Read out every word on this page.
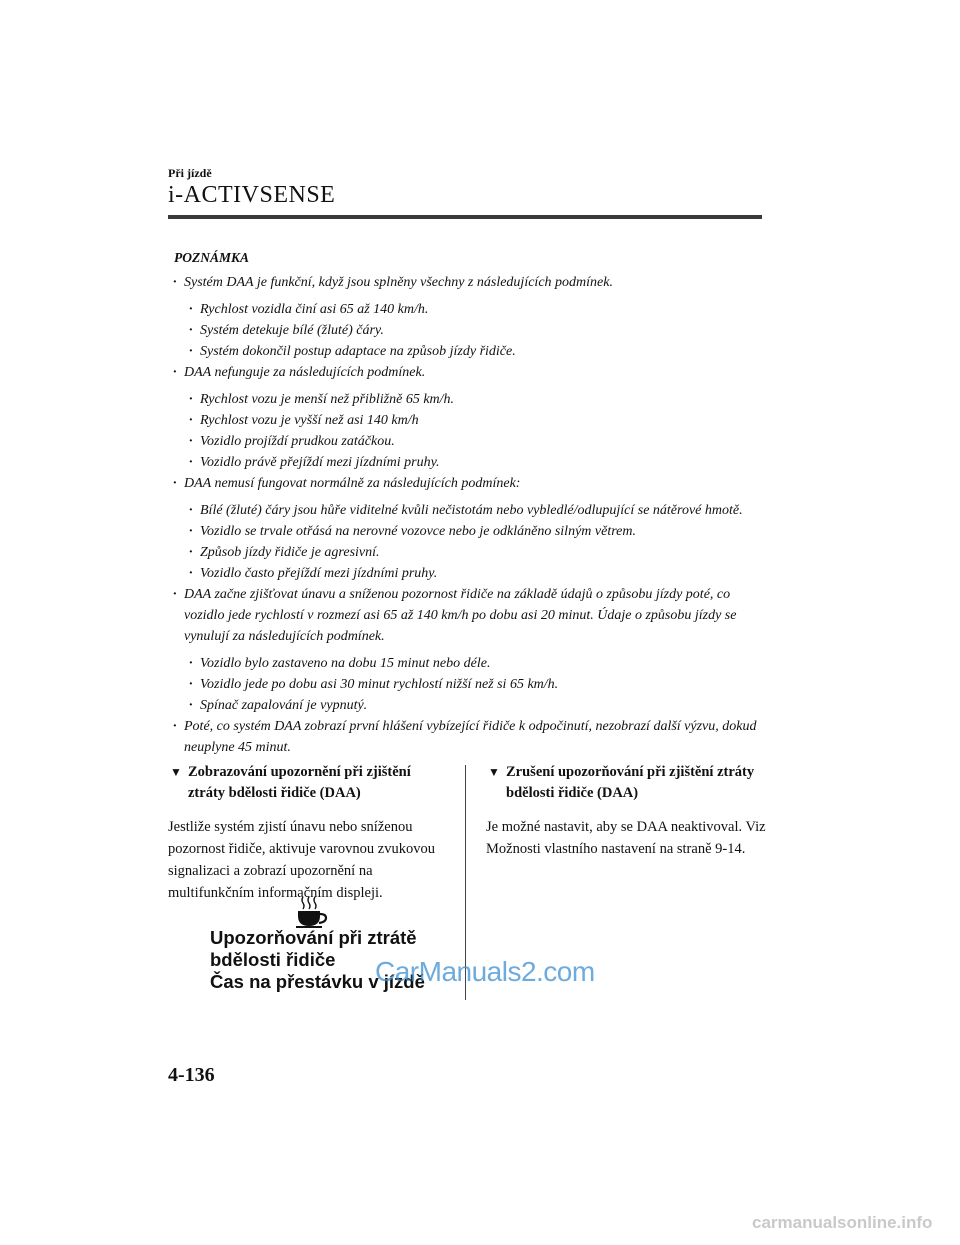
Při jízdě
i-ACTIVSENSE
POZNÁMKA
· Systém DAA je funkční, když jsou splněny všechny z následujících podmínek.
· Rychlost vozidla činí asi 65 až 140 km/h.
· Systém detekuje bílé (žluté) čáry.
· Systém dokončil postup adaptace na způsob jízdy řidiče.
· DAA nefunguje za následujících podmínek.
· Rychlost vozu je menší než přibližně 65 km/h.
· Rychlost vozu je vyšší než asi 140 km/h
· Vozidlo projíždí prudkou zatáčkou.
· Vozidlo právě přejíždí mezi jízdními pruhy.
· DAA nemusí fungovat normálně za následujících podmínek:
· Bílé (žluté) čáry jsou hůře viditelné kvůli nečistotám nebo vybledlé/odlupující se nátěrové hmotě.
· Vozidlo se trvale otřásá na nerovné vozovce nebo je odkláněno silným větrem.
· Způsob jízdy řidiče je agresivní.
· Vozidlo často přejíždí mezi jízdními pruhy.
· DAA začne zjišťovat únavu a sníženou pozornost řidiče na základě údajů o způsobu jízdy poté, co vozidlo jede rychlostí v rozmezí asi 65 až 140 km/h po dobu asi 20 minut. Údaje o způsobu jízdy se vynulují za následujících podmínek.
· Vozidlo bylo zastaveno na dobu 15 minut nebo déle.
· Vozidlo jede po dobu asi 30 minut rychlostí nižší než si 65 km/h.
· Spínač zapalování je vypnutý.
· Poté, co systém DAA zobrazí první hlášení vybízející řidiče k odpočinutí, nezobrazí další výzvu, dokud neuplyne 45 minut.
▼ Zobrazování upozornění při zjištění ztráty bdělosti řidiče (DAA)
Jestliže systém zjistí únavu nebo sníženou pozornost řidiče, aktivuje varovnou zvukovou signalizaci a zobrazí upozornění na multifunkčním informačním displeji.
▼ Zrušení upozorňování při zjištění ztráty bdělosti řidiče (DAA)
Je možné nastavit, aby se DAA neaktivoval. Viz Možnosti vlastního nastavení na straně 9-14.
Upozorňování při ztrátě
bdělosti řidiče
Čas na přestávku v jízdě
CarManuals2.com
4-136
carmanualsonline.info
